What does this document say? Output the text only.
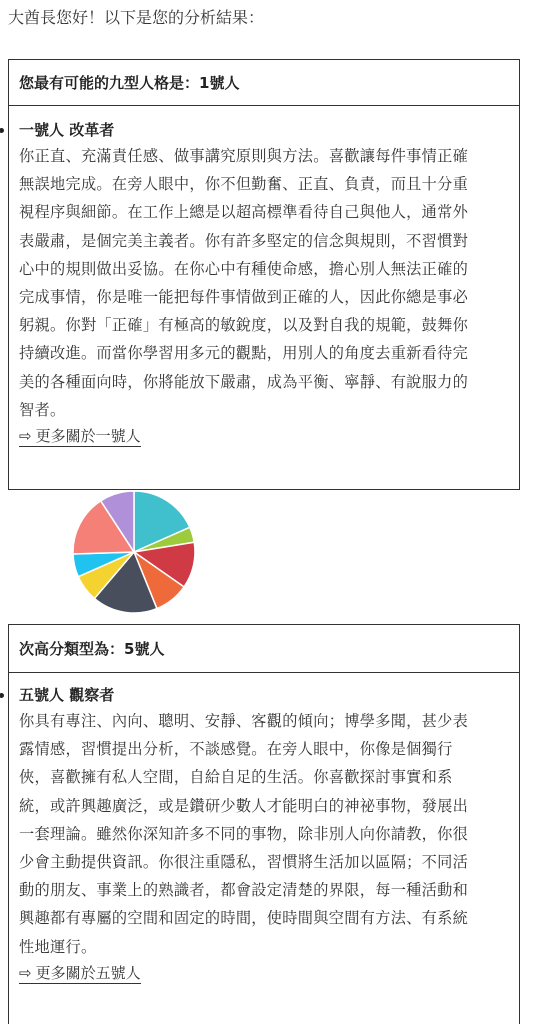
大酋長您好！以下是您的分析結果：
您最有可能的九型人格是：1號人
一號人 改革者
你正直、充滿責任感、做事講究原則與方法。喜歡讓每件事情正確
無誤地完成。在旁人眼中，你不但勤奮、正直、負責，而且十分重
視程序與細節。在工作上總是以超高標準看待自己與他人，通常外
表嚴肅，是個完美主義者。你有許多堅定的信念與規則，不習慣對
心中的規則做出妥協。在你心中有種使命感，擔心別人無法正確的
完成事情，你是唯一能把每件事情做到正確的人，因此你總是事必
躬親。你對「正確」有極高的敏銳度，以及對自我的規範，鼓舞你
持續改進。而當你學習用多元的觀點，用別人的角度去重新看待完
美的各種面向時，你將能放下嚴肅，成為平衡、寧靜、有說服力的
智者。
⇨ 更多關於一號人
次高分類型為：5號人
五號人 觀察者
你具有專注、內向、聰明、安靜、客觀的傾向；博學多聞，甚少表
露情感，習慣提出分析，不談感覺。在旁人眼中，你像是個獨行
俠，喜歡擁有私人空間，自給自足的生活。你喜歡探討事實和系
統，或許興趣廣泛，或是鑽研少數人才能明白的神祕事物，發展出
一套理論。雖然你深知許多不同的事物，除非別人向你請教，你很
少會主動提供資訊。你很注重隱私，習慣將生活加以區隔；不同活
動的朋友、事業上的熟識者，都會設定清楚的界限，每一種活動和
興趣都有專屬的空間和固定的時間，使時間與空間有方法、有系統
性地運行。
⇨ 更多關於五號人
